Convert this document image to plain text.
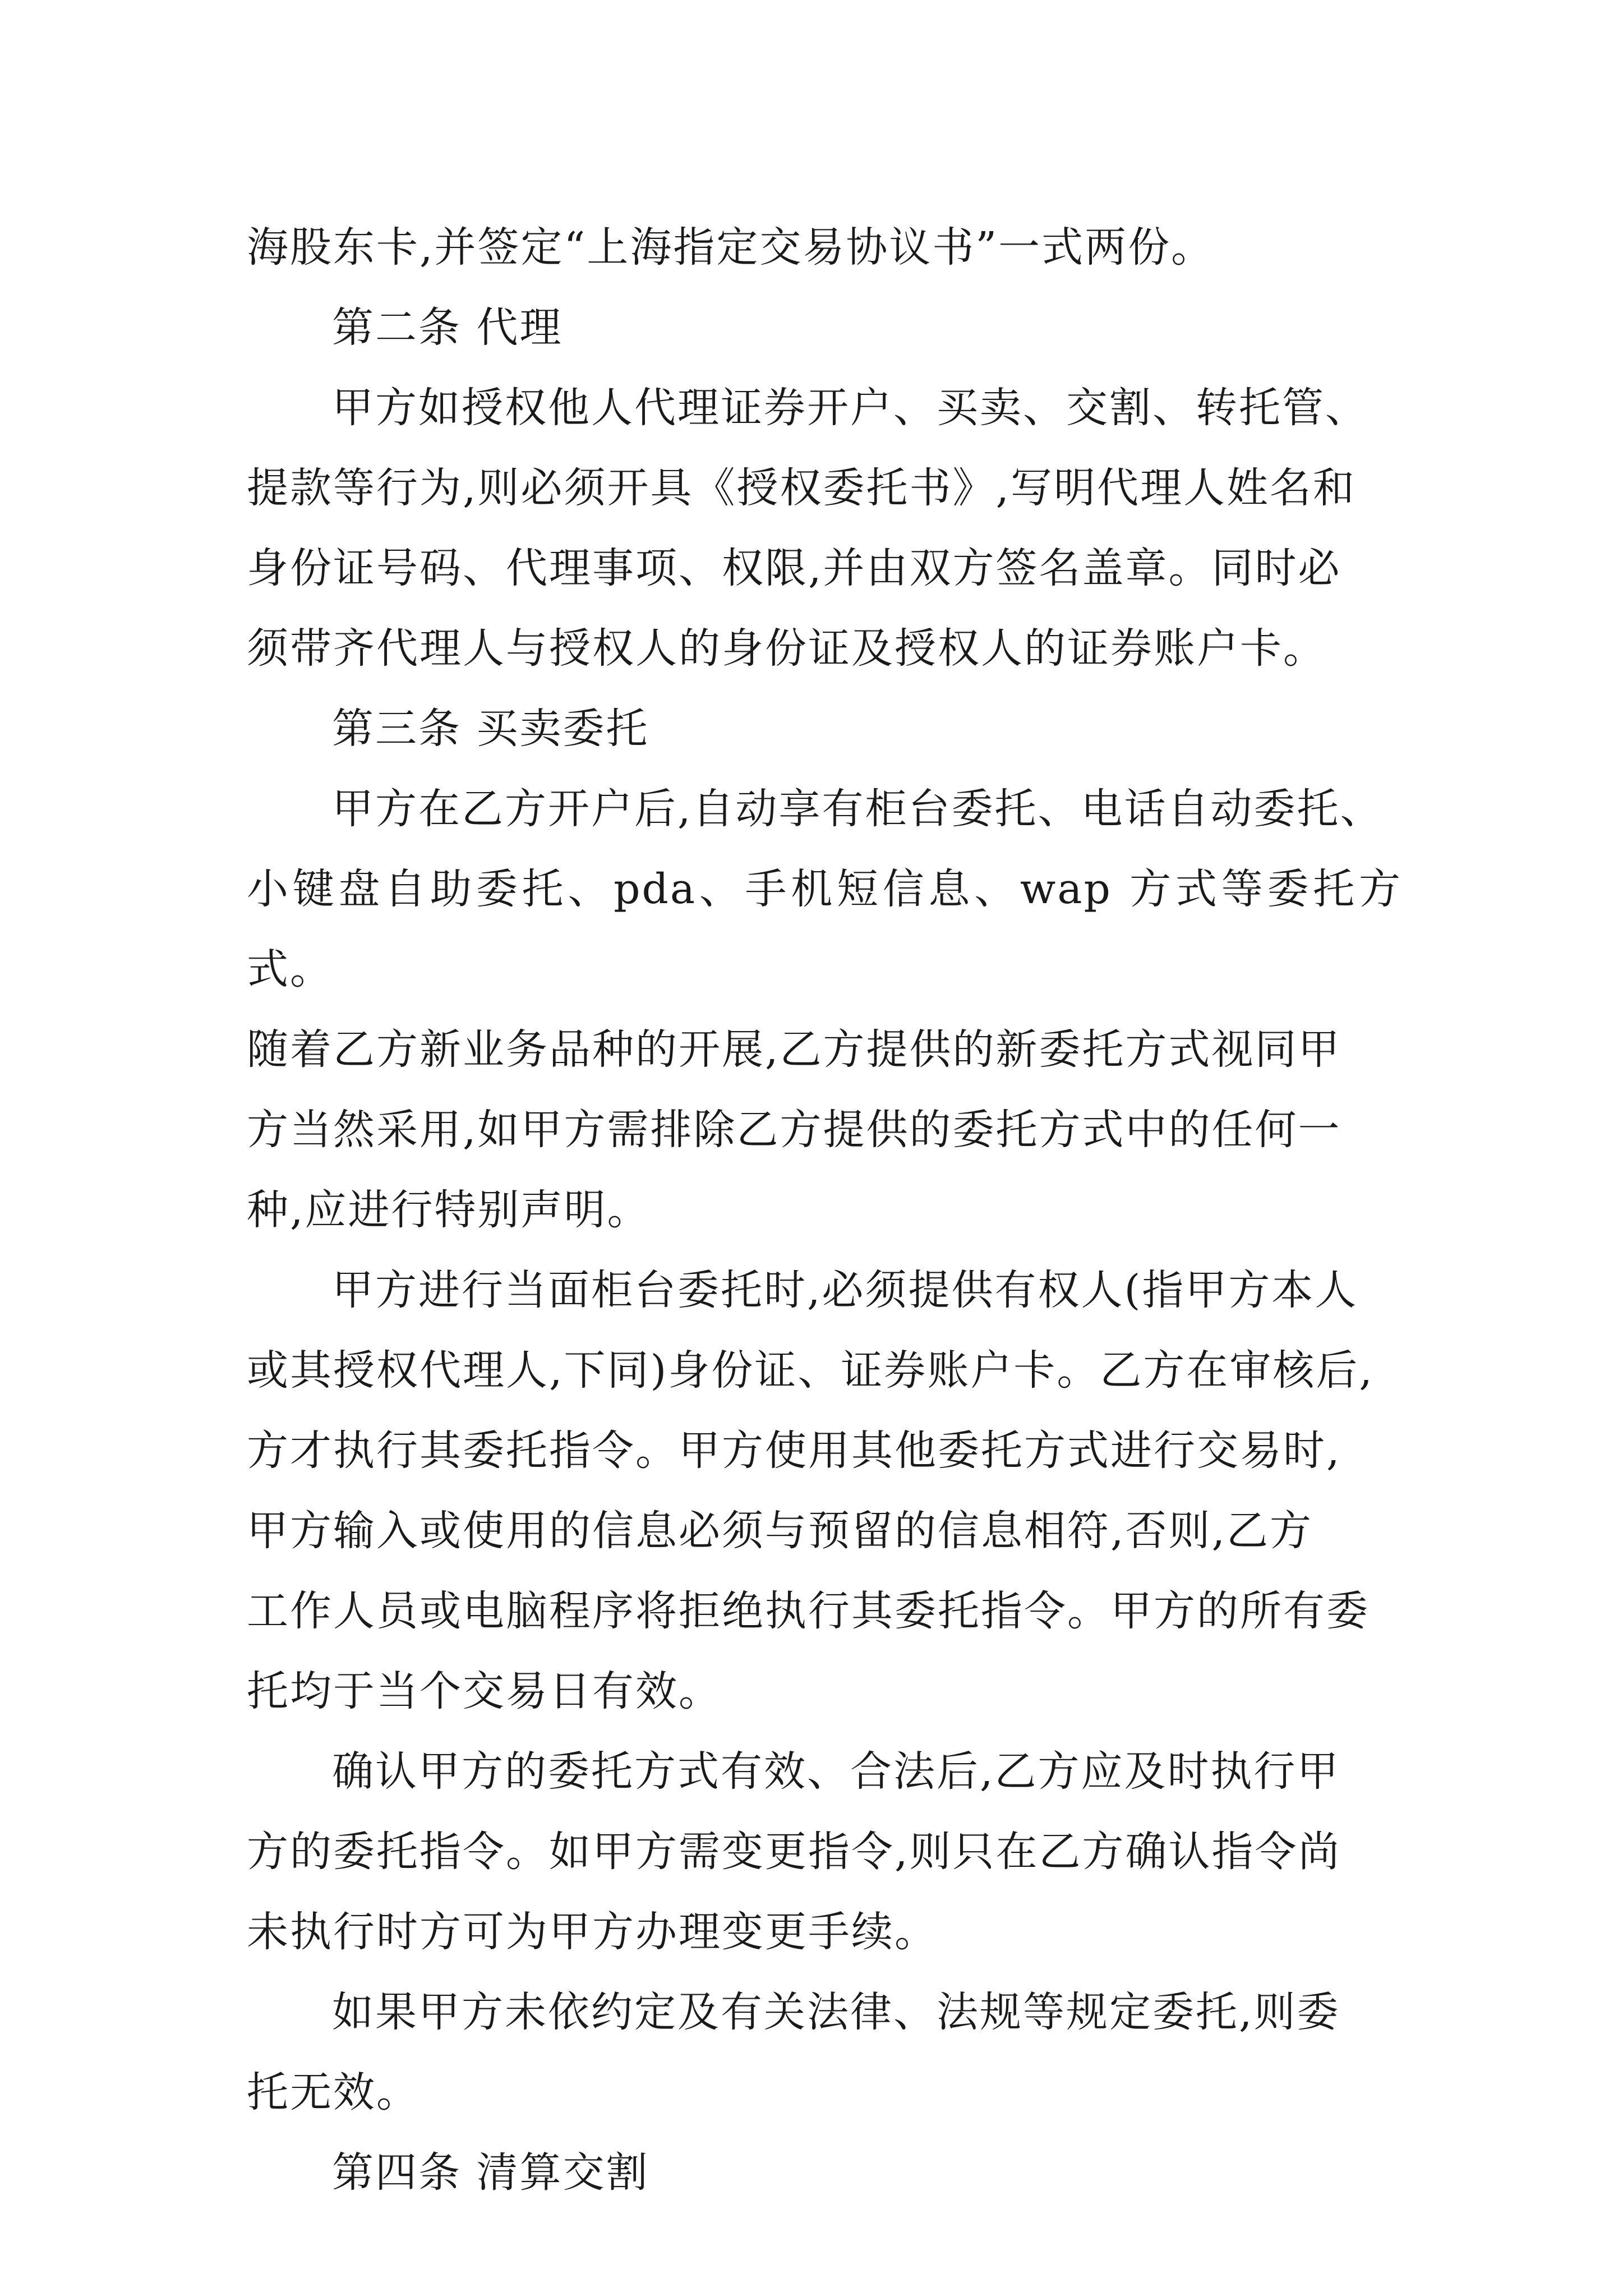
海股东卡,并签定“上海指定交易协议书”一式两份。

第二条 代理

甲方如授权他人代理证券开户、买卖、交割、转托管、
提款等行为,则必须开具《授权委托书》,写明代理人姓名和
身份证号码、代理事项、权限,并由双方签名盖章。同时必
须带齐代理人与授权人的身份证及授权人的证券账户卡。

第三条 买卖委托

甲方在乙方开户后,自动享有柜台委托、电话自动委托、
小键盘自助委托、pda、手机短信息、wap 方式等委托方式。
随着乙方新业务品种的开展,乙方提供的新委托方式视同甲
方当然采用,如甲方需排除乙方提供的委托方式中的任何一
种,应进行特别声明。

甲方进行当面柜台委托时,必须提供有权人(指甲方本人
或其授权代理人,下同)身份证、证券账户卡。乙方在审核后,
方才执行其委托指令。甲方使用其他委托方式进行交易时,
甲方输入或使用的信息必须与预留的信息相符,否则,乙方
工作人员或电脑程序将拒绝执行其委托指令。甲方的所有委
托均于当个交易日有效。

确认甲方的委托方式有效、合法后,乙方应及时执行甲
方的委托指令。如甲方需变更指令,则只在乙方确认指令尚
未执行时方可为甲方办理变更手续。

如果甲方未依约定及有关法律、法规等规定委托,则委
托无效。

第四条 清算交割
